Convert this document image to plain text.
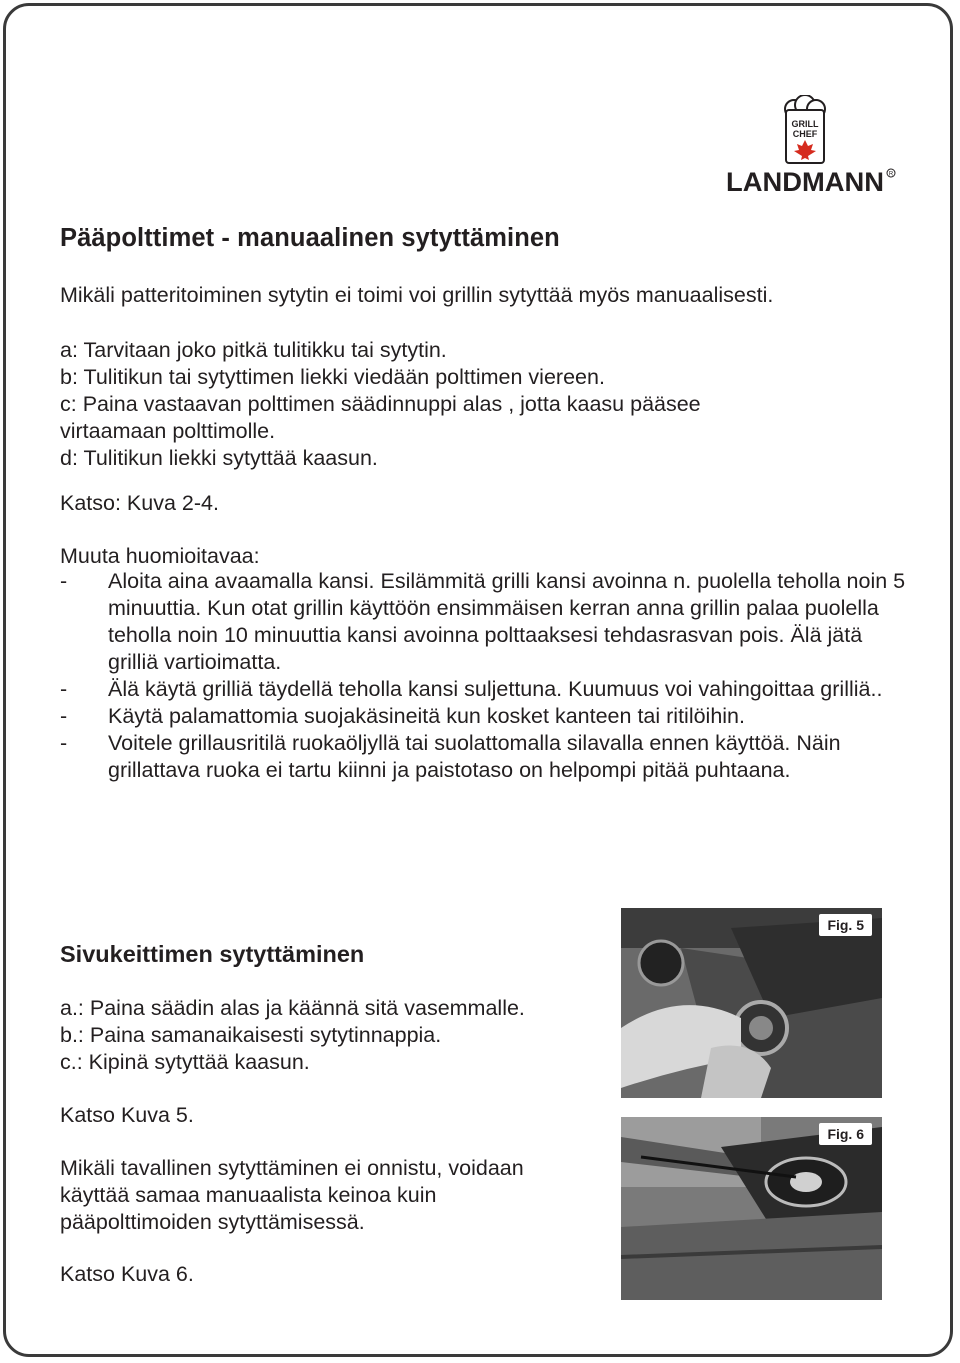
GRILL
CHEF
LANDMANN R
Pääpolttimet - manuaalinen sytyttäminen

Mikäli patteritoiminen sytytin ei toimi voi grillin sytyttää myös manuaalisesti.

a: Tarvitaan joko pitkä tulitikku tai sytytin.
b: Tulitikun tai sytyttimen liekki viedään polttimen viereen.
c: Paina vastaavan polttimen säädinnuppi alas , jotta kaasu pääsee
virtaamaan polttimolle.
d: Tulitikun liekki sytyttää kaasun.

Katso: Kuva 2-4.

Muuta huomioitavaa:

-	Aloita aina avaamalla kansi. Esilämmitä grilli kansi avoinna n. puolella teholla noin 5 minuuttia. Kun otat grillin käyttöön ensimmäisen kerran anna grillin palaa puolella teholla noin 10 minuuttia kansi avoinna polttaaksesi tehdasrasvan pois. Älä jätä grilliä vartioimatta.
-	Älä käytä grilliä täydellä teholla kansi suljettuna. Kuumuus voi vahingoittaa grilliä..
-	Käytä palamattomia suojakäsineitä kun kosket kanteen tai ritilöihin.
-	Voitele grillausritilä ruokaöljyllä tai suolattomalla silavalla ennen käyttöä. Näin grillattava ruoka ei tartu kiinni ja paistotaso on helpompi pitää puhtaana.
Sivukeittimen sytyttäminen
a.: Paina säädin alas ja käännä sitä vasemmalle.
b.: Paina samanaikaisesti sytytinnappia.
c.: Kipinä sytyttää kaasun.

Katso Kuva 5.

Mikäli tavallinen sytyttäminen ei onnistu, voidaan
käyttää samaa manuaalista keinoa kuin
pääpolttimoiden sytyttämisessä.

Katso Kuva 6.

Fig. 5
Fig. 6
